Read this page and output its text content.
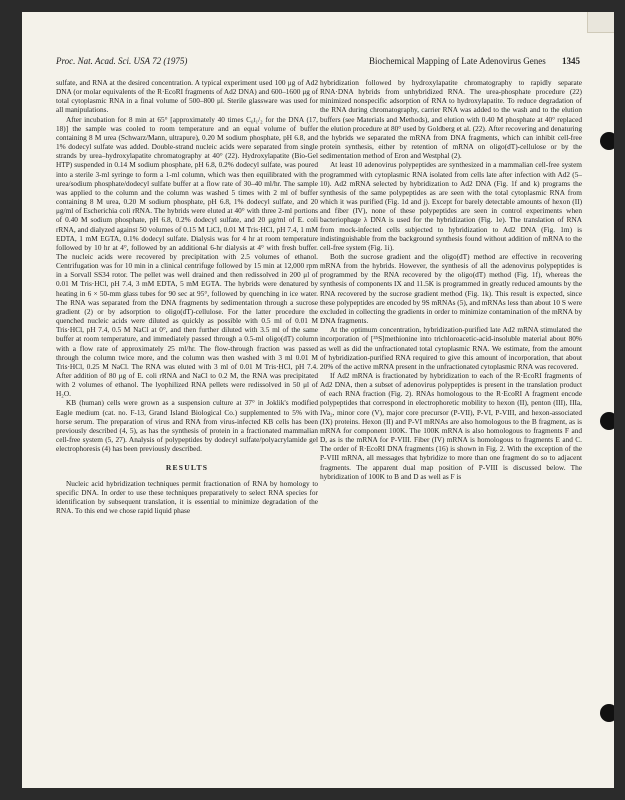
Proc. Nat. Acad. Sci. USA 72 (1975)	Biochemical Mapping of Late Adenovirus Genes 1345

sulfate, and RNA at the desired concentration. A typical experiment used 100 μg of Ad2 DNA (or molar equivalents of the R·EcoRI fragments of Ad2 DNA) and 600–1600 μg of total cytoplasmic RNA in a final volume of 500–800 μl. Sterile glassware was used for all manipulations.

After incubation for 8 min at 65° [approximately 40 times C₀t₁/₂ for the DNA (17, 18)] the sample was cooled to room temperature and an equal volume of buffer containing 8 M urea (Schwarz/Mann, ultrapure), 0.20 M sodium phosphate, pH 6.8, and 1% dodecyl sulfate was added. Double-strand nucleic acids were separated from single strands by urea–hydroxylapatite chromatography at 40° (22). Hydroxylapatite (Bio-Gel HTP) suspended in 0.14 M sodium phosphate, pH 6.8, 0.2% dodecyl sulfate, was poured into a sterile 3-ml syringe to form a 1-ml column, which was then equilibrated with the urea/sodium phosphate/dodecyl sulfate buffer at a flow rate of 30–40 ml/hr. The sample was applied to the column and the column was washed 5 times with 2 ml of buffer containing 8 M urea, 0.20 M sodium phosphate, pH 6.8, 1% dodecyl sulfate, and 20 μg/ml of Escherichia coli rRNA. The hybrids were eluted at 40° with three 2-ml portions of 0.40 M sodium phosphate, pH 6.8, 0.2% dodecyl sulfate, and 20 μg/ml of E. coli rRNA, and dialyzed against 50 volumes of 0.15 M LiCl, 0.01 M Tris·HCl, pH 7.4, 1 mM EDTA, 1 mM EGTA, 0.1% dodecyl sulfate. Dialysis was for 4 hr at room temperature followed by 10 hr at 4°, followed by an additional 6-hr dialysis at 4° with fresh buffer. The nucleic acids were recovered by precipitation with 2.5 volumes of ethanol. Centrifugation was for 10 min in a clinical centrifuge followed by 15 min at 12,000 rpm in a Sorvall SS34 rotor. The pellet was well drained and then redissolved in 200 μl of 0.01 M Tris·HCl, pH 7.4, 3 mM EDTA, 5 mM EGTA. The hybrids were denatured by heating in 6 × 50-mm glass tubes for 90 sec at 95°, followed by quenching in ice water. The RNA was separated from the DNA fragments by sedimentation through a sucrose gradient (2) or by adsorption to oligo(dT)-cellulose. For the latter procedure the quenched nucleic acids were diluted as quickly as possible with 0.5 ml of 0.01 M Tris·HCl, pH 7.4, 0.5 M NaCl at 0°, and then further diluted with 3.5 ml of the same buffer at room temperature, and immediately passed through a 0.5-ml oligo(dT) column with a flow rate of approximately 25 ml/hr. The flow-through fraction was passed through the column twice more, and the column was then washed with 3 ml 0.01 M Tris·HCl, 0.25 M NaCl. The RNA was eluted with 3 ml of 0.01 M Tris·HCl, pH 7.4. After addition of 80 μg of E. coli rRNA and NaCl to 0.2 M, the RNA was precipitated with 2 volumes of ethanol. The lyophilized RNA pellets were redissolved in 50 μl of H₂O.

KB (human) cells were grown as a suspension culture at 37° in Joklik's modified Eagle medium (cat. no. F-13, Grand Island Biological Co.) supplemented to 5% with horse serum. The preparation of virus and RNA from virus-infected KB cells has been previously described (4, 5), as has the synthesis of protein in a fractionated mammalian cell-free system (5, 27). Analysis of polypeptides by dodecyl sulfate/polyacrylamide gel electrophoresis (4) has been previously described.

RESULTS

Nucleic acid hybridization techniques permit fractionation of RNA by homology to specific DNA. In order to use these techniques preparatively to select RNA species for identification by subsequent translation, it is essential to minimize degradation of the RNA. To this end we chose rapid liquid phase

hybridization followed by hydroxylapatite chromatography to rapidly separate RNA·DNA hybrids from unhybridized RNA. The urea-phosphate procedure (22) minimized nonspecific adsorption of RNA to hydroxylapatite. To reduce degradation of the RNA during chromatography, carrier RNA was added to the wash and to the elution buffers (see Materials and Methods), and elution with 0.40 M phosphate at 40° replaced the elution procedure at 80° used by Goldberg et al. (22). After recovering and denaturing the hybrids we separated the mRNA from DNA fragments, which can inhibit cell-free protein synthesis, either by retention of mRNA on oligo(dT)-cellulose or by the sedimentation method of Eron and Westphal (2).

At least 10 adenovirus polypeptides are synthesized in a mammalian cell-free system programmed with cytoplasmic RNA isolated from cells late after infection with Ad2 (5–10). Ad2 mRNA selected by hybridization to Ad2 DNA (Fig. 1f and k) programs the synthesis of the same polypeptides as are seen with the total cytoplasmic RNA from which it was purified (Fig. 1d and j). Except for barely detectable amounts of hexon (II) and fiber (IV), none of these polypeptides are seen in control experiments when bacteriophage λ DNA is used for the hybridization (Fig. 1e). The translation of RNA from mock-infected cells subjected to hybridization to Ad2 DNA (Fig. 1m) is indistinguishable from the background synthesis found without addition of mRNA to the cell-free system (Fig. 1i).

Both the sucrose gradient and the oligo(dT) method are effective in recovering mRNA from the hybrids. However, the synthesis of all the adenovirus polypeptides is programmed by the RNA recovered by the oligo(dT) method (Fig. 1f), whereas the synthesis of components IX and 11.5K is programmed in greatly reduced amounts by the RNA recovered by the sucrose gradient method (Fig. 1k). This result is expected, since these polypeptides are encoded by 9S mRNAs (5), and mRNAs less than about 10 S were excluded in collecting the gradients in order to minimize contamination of the mRNA by DNA fragments.

At the optimum concentration, hybridization-purified late Ad2 mRNA stimulated the incorporation of [³⁵S]methionine into trichloroacetic-acid-insoluble material about 80% as well as did the unfractionated total cytoplasmic RNA. We estimate, from the amount of hybridization-purified RNA required to give this amount of incorporation, that about 20% of the active mRNA present in the unfractionated cytoplasmic RNA was recovered.

If Ad2 mRNA is fractionated by hybridization to each of the R·EcoRI fragments of Ad2 DNA, then a subset of adenovirus polypeptides is present in the translation product of each RNA fraction (Fig. 2). RNAs homologous to the R·EcoRI A fragment encode polypeptides that correspond in electrophoretic mobility to hexon (II), penton (III), IIIa, IVa₂, minor core (V), major core precursor (P-VII), P-VI, P-VIII, and hexon-associated (IX) proteins. Hexon (II) and P-VI mRNAs are also homologous to the B fragment, as is mRNA for component 100K. The 100K mRNA is also homologous to fragments F and D, as is the mRNA for P-VIII. Fiber (IV) mRNA is homologous to fragments E and C. The order of R·EcoRI DNA fragments (16) is shown in Fig. 2. With the exception of the P-VIII mRNA, all messages that hybridize to more than one fragment do so to adjacent fragments. The apparent dual map position of P-VIII is discussed below. The hybridization of 100K to B and D as well as F is
